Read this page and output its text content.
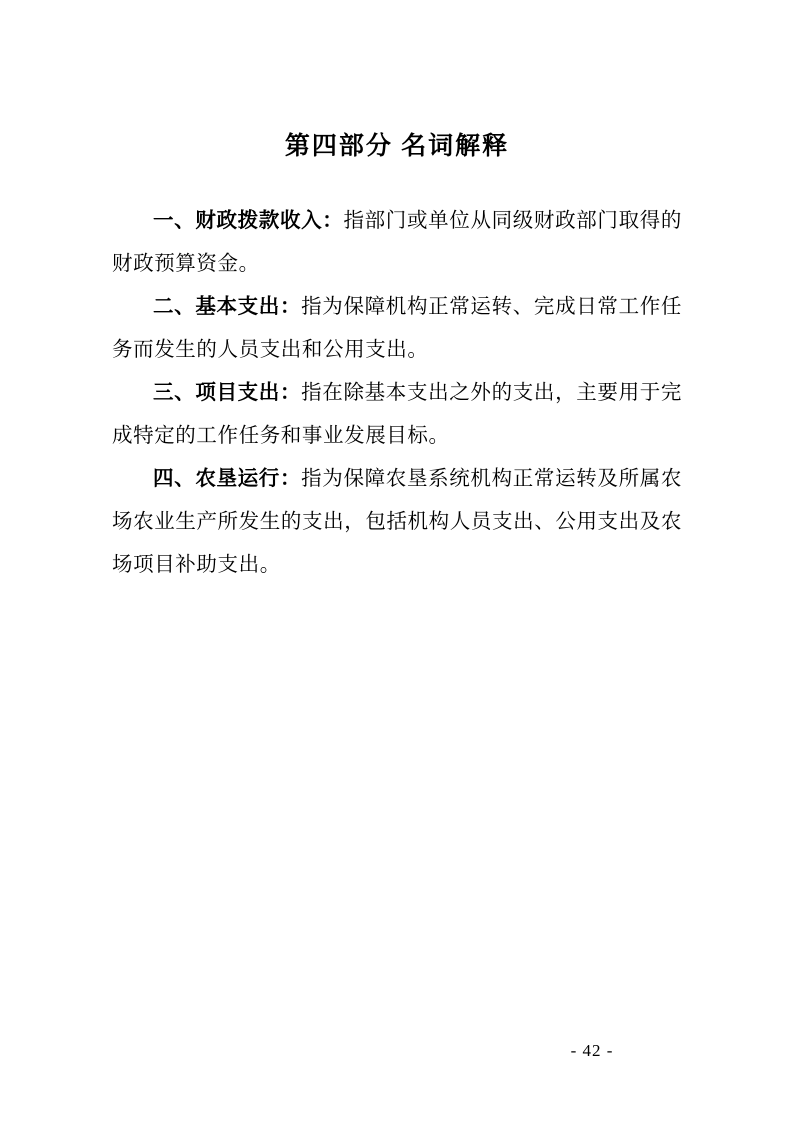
第四部分 名词解释

一、财政拨款收入：指部门或单位从同级财政部门取得的财政预算资金。

二、基本支出：指为保障机构正常运转、完成日常工作任务而发生的人员支出和公用支出。

三、项目支出：指在除基本支出之外的支出，主要用于完成特定的工作任务和事业发展目标。

四、农垦运行：指为保障农垦系统机构正常运转及所属农场农业生产所发生的支出，包括机构人员支出、公用支出及农场项目补助支出。

- 42 -
